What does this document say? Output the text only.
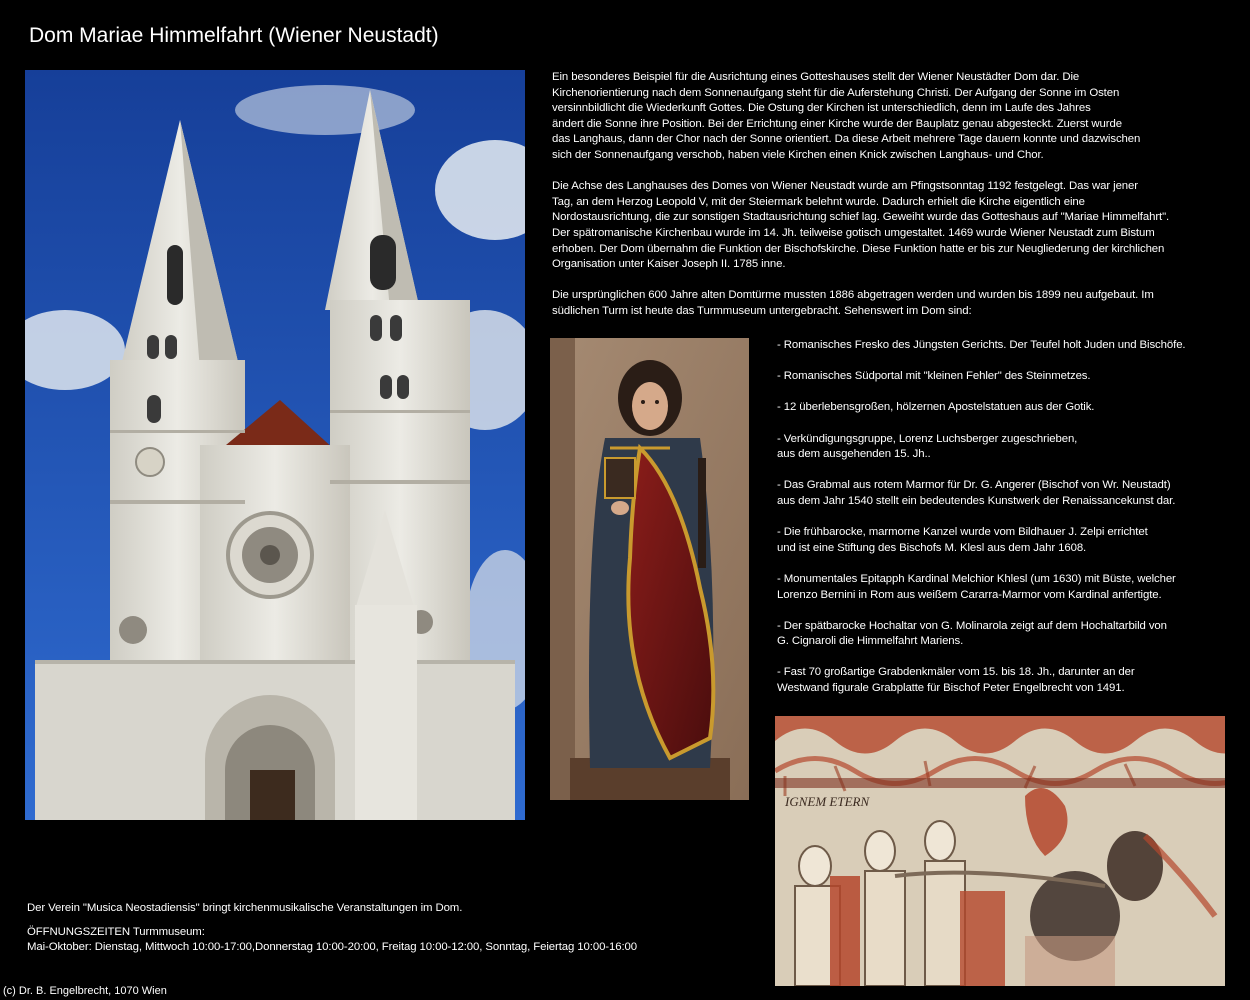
Dom Mariae Himmelfahrt (Wiener Neustadt)

Ein besonderes Beispiel für die Ausrichtung eines Gotteshauses stellt der Wiener Neustädter Dom dar. Die
Kirchenorientierung nach dem Sonnenaufgang steht für die Auferstehung Christi. Der Aufgang der Sonne im Osten
versinnbildlicht die Wiederkunft Gottes. Die Ostung der Kirchen ist unterschiedlich, denn im Laufe des Jahres
ändert die Sonne ihre Position. Bei der Errichtung einer Kirche wurde der Bauplatz genau abgesteckt. Zuerst wurde
das Langhaus, dann der Chor nach der Sonne orientiert. Da diese Arbeit mehrere Tage dauern konnte und dazwischen
sich der Sonnenaufgang verschob, haben viele Kirchen einen Knick zwischen Langhaus- und Chor.

Die Achse des Langhauses des Domes von Wiener Neustadt wurde am Pfingstsonntag 1192 festgelegt. Das war jener
Tag, an dem Herzog Leopold V, mit der Steiermark belehnt wurde. Dadurch erhielt die Kirche eigentlich eine
Nordostausrichtung, die zur sonstigen Stadtausrichtung schief lag. Geweiht wurde das Gotteshaus auf "Mariae Himmelfahrt".
Der spätromanische Kirchenbau wurde im 14. Jh. teilweise gotisch umgestaltet. 1469 wurde Wiener Neustadt zum Bistum
erhoben. Der Dom übernahm die Funktion der Bischofskirche. Diese Funktion hatte er bis zur Neugliederung der kirchlichen
Organisation unter Kaiser Joseph II. 1785 inne.

Die ursprünglichen 600 Jahre alten Domtürme mussten 1886 abgetragen werden und wurden bis 1899 neu aufgebaut. Im
südlichen Turm ist heute das Turmmuseum untergebracht. Sehenswert im Dom sind:

- Romanisches Fresko des Jüngsten Gerichts. Der Teufel holt Juden und Bischöfe.
- Romanisches Südportal mit "kleinen Fehler" des Steinmetzes.
- 12 überlebensgroßen, hölzernen Apostelstatuen aus der Gotik.
- Verkündigungsgruppe, Lorenz Luchsberger zugeschrieben,
aus dem ausgehenden 15. Jh..
- Das Grabmal aus rotem Marmor für Dr. G. Angerer (Bischof von Wr. Neustadt)
aus dem Jahr 1540 stellt ein bedeutendes Kunstwerk der Renaissancekunst dar.
- Die frühbarocke, marmorne Kanzel wurde vom Bildhauer J. Zelpi errichtet
und ist eine Stiftung des Bischofs M. Klesl aus dem Jahr 1608.
- Monumentales Epitapph Kardinal Melchior Khlesl (um 1630) mit Büste, welcher
Lorenzo Bernini in Rom aus weißem Cararra-Marmor vom Kardinal anfertigte.
- Der spätbarocke Hochaltar von G. Molinarola zeigt auf dem Hochaltarbild von
G. Cignaroli die Himmelfahrt Mariens.
- Fast 70 großartige Grabdenkmäler vom 15. bis 18. Jh., darunter an der
Westwand figurale Grabplatte für Bischof Peter Engelbrecht von 1491.
IGNEM ETERN

Der Verein "Musica Neostadiensis" bringt kirchenmusikalische Veranstaltungen im Dom.

ÖFFNUNGSZEITEN Turmmuseum:

Mai-Oktober: Dienstag, Mittwoch 10:00-17:00,Donnerstag 10:00-20:00, Freitag 10:00-12:00, Sonntag, Feiertag 10:00-16:00

(c) Dr. B. Engelbrecht, 1070 Wien
